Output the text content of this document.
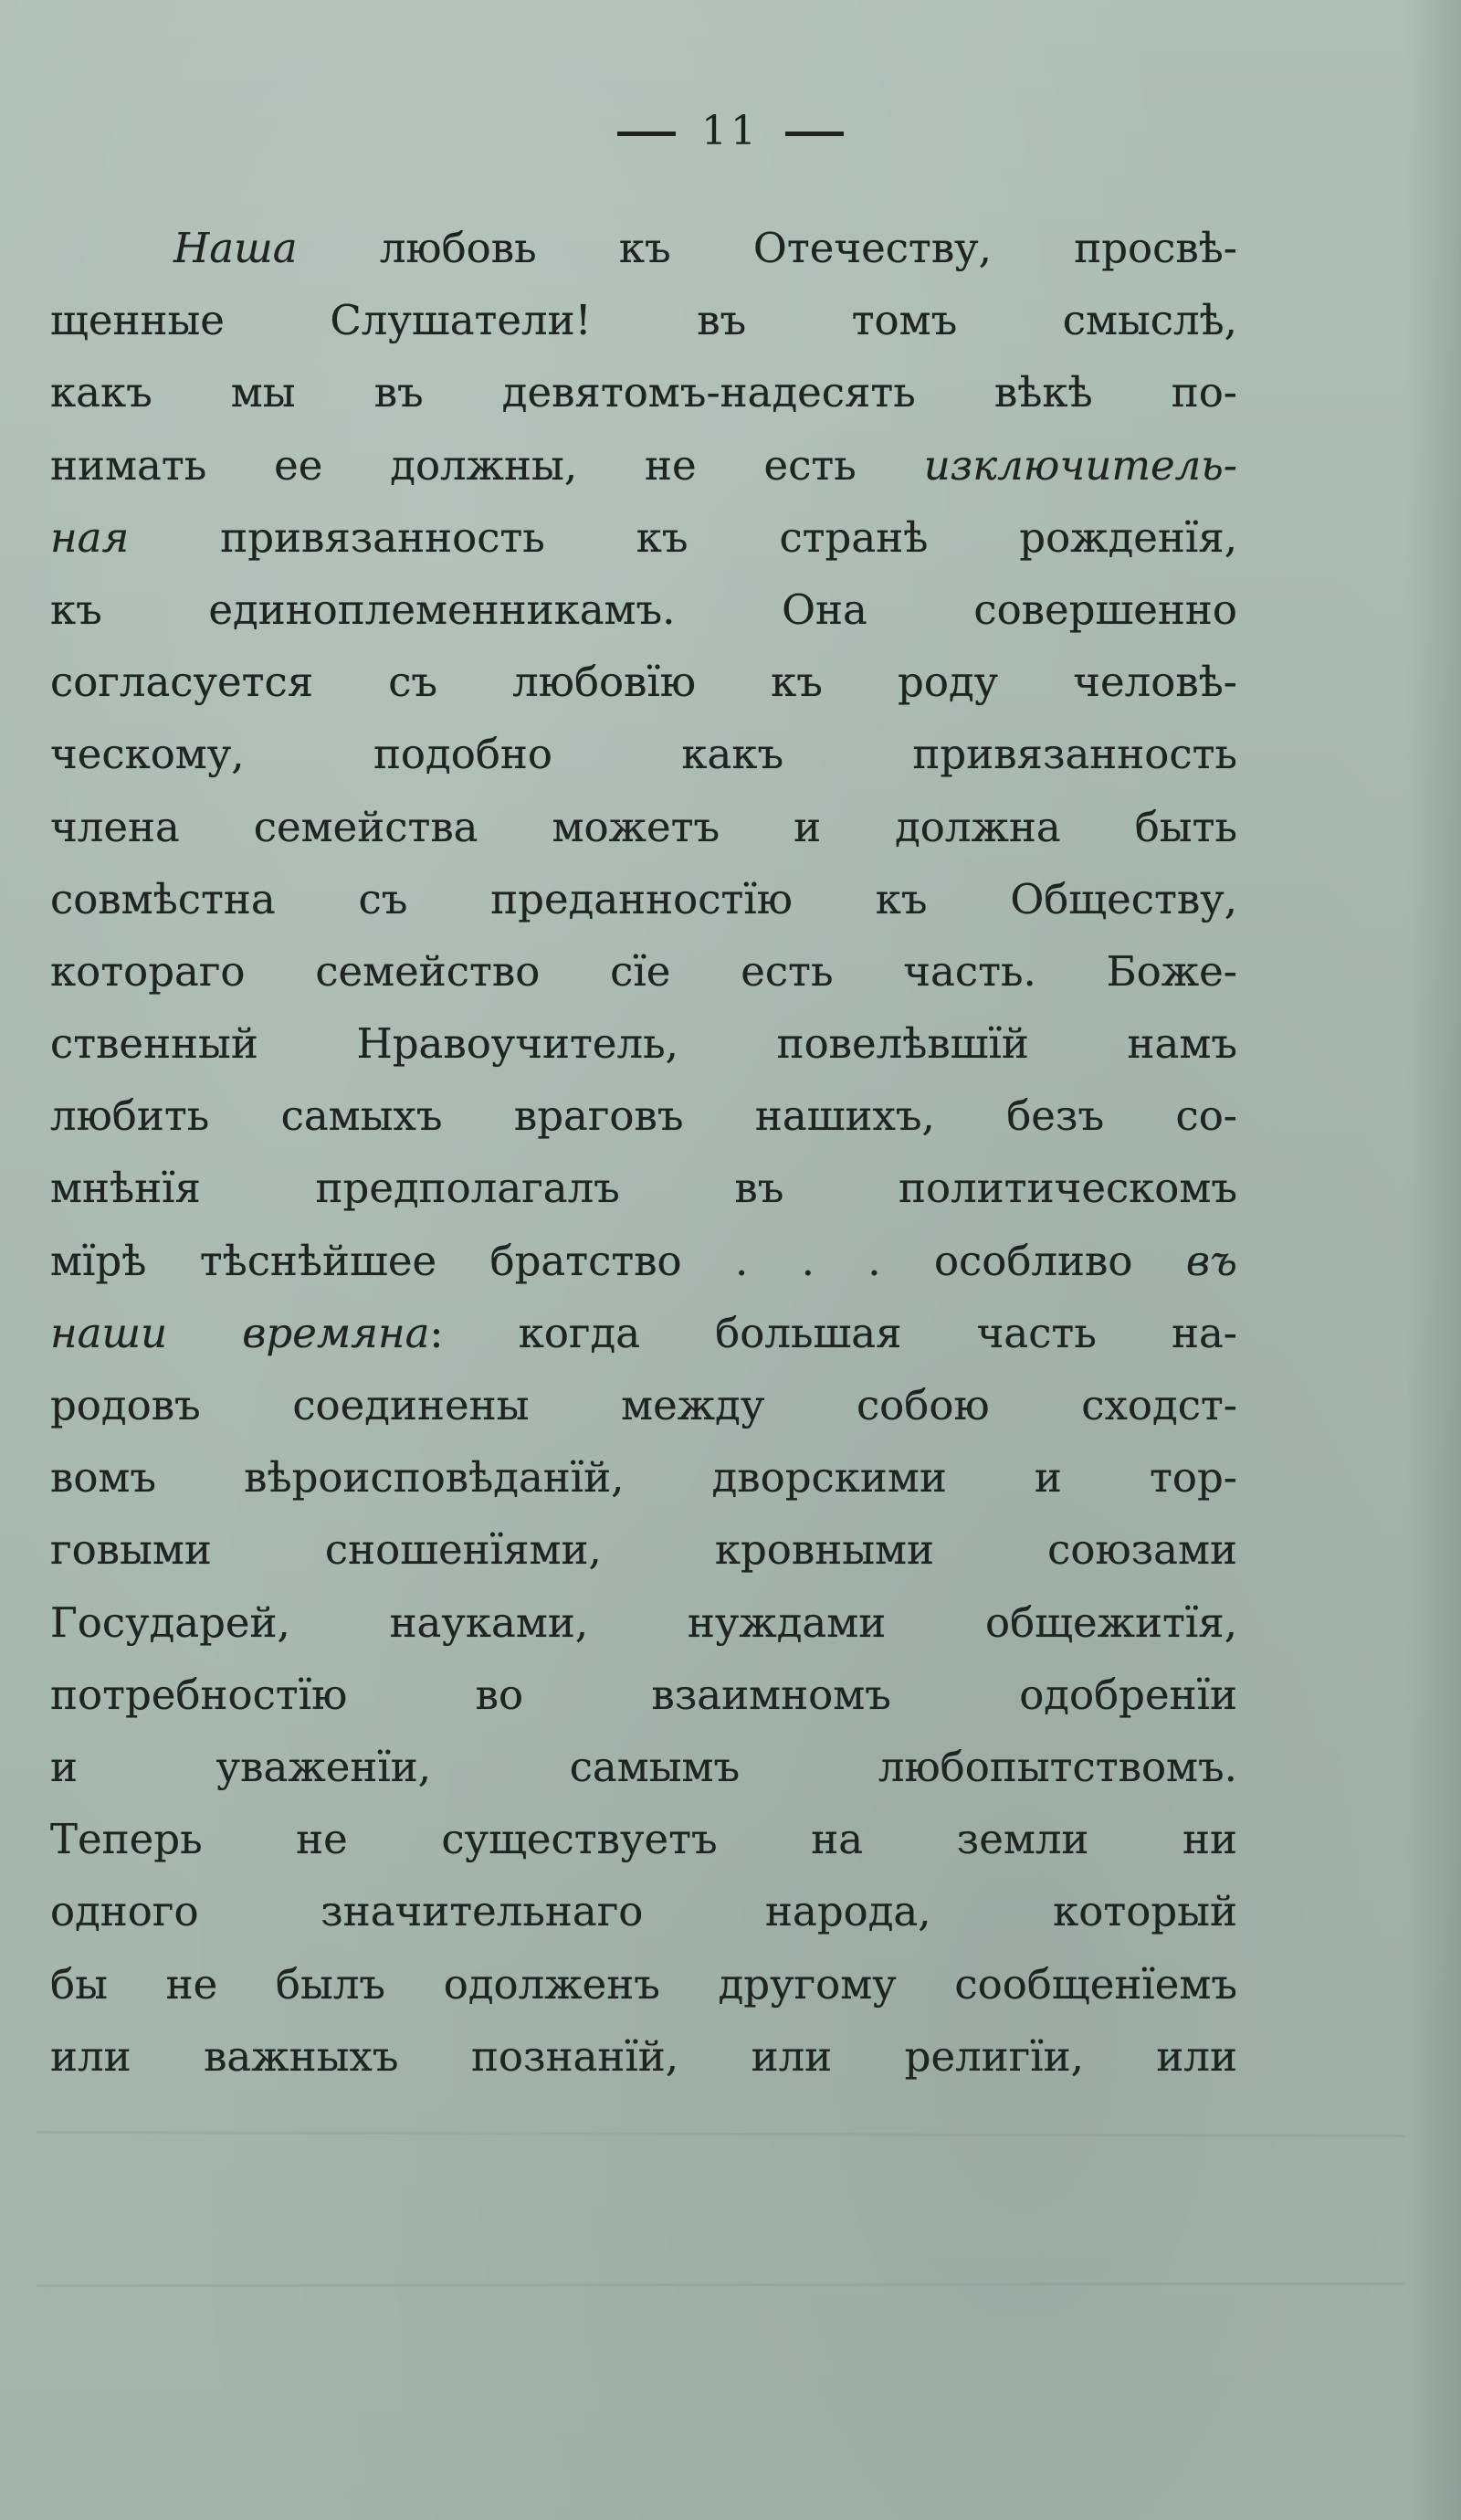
11
Наша любовь къ Отечеству, просвѣ-
щенные Слушатели! въ томъ смыслѣ,
какъ мы въ девятомъ-надесять вѣкѣ по-
нимать ее должны, не есть изключитель-
ная привязанность къ странѣ рожденїя,
къ единоплеменникамъ. Она совершенно
согласуется съ любовїю къ роду человѣ-
ческому, подобно какъ привязанность
члена семейства можетъ и должна быть
совмѣстна съ преданностїю къ Обществу,
котораго семейство сїе есть часть. Боже-
ственный Нравоучитель, повелѣвшїй намъ
любить самыхъ враговъ нашихъ, безъ со-
мнѣнїя предполагалъ въ политическомъ
мїрѣ тѣснѣйшее братство . . . особливо въ
наши времяна: когда большая часть на-
родовъ соединены между собою сходст-
вомъ вѣроисповѣданїй, дворскими и тор-
говыми сношенїями, кровными союзами
Государей, науками, нуждами общежитїя,
потребностїю во взаимномъ одобренїи
и уваженїи, самымъ любопытствомъ.
Теперь не существуетъ на земли ни
одного значительнаго народа, который
бы не былъ одолженъ другому сообщенїемъ
или важныхъ познанїй, или религїи, или
